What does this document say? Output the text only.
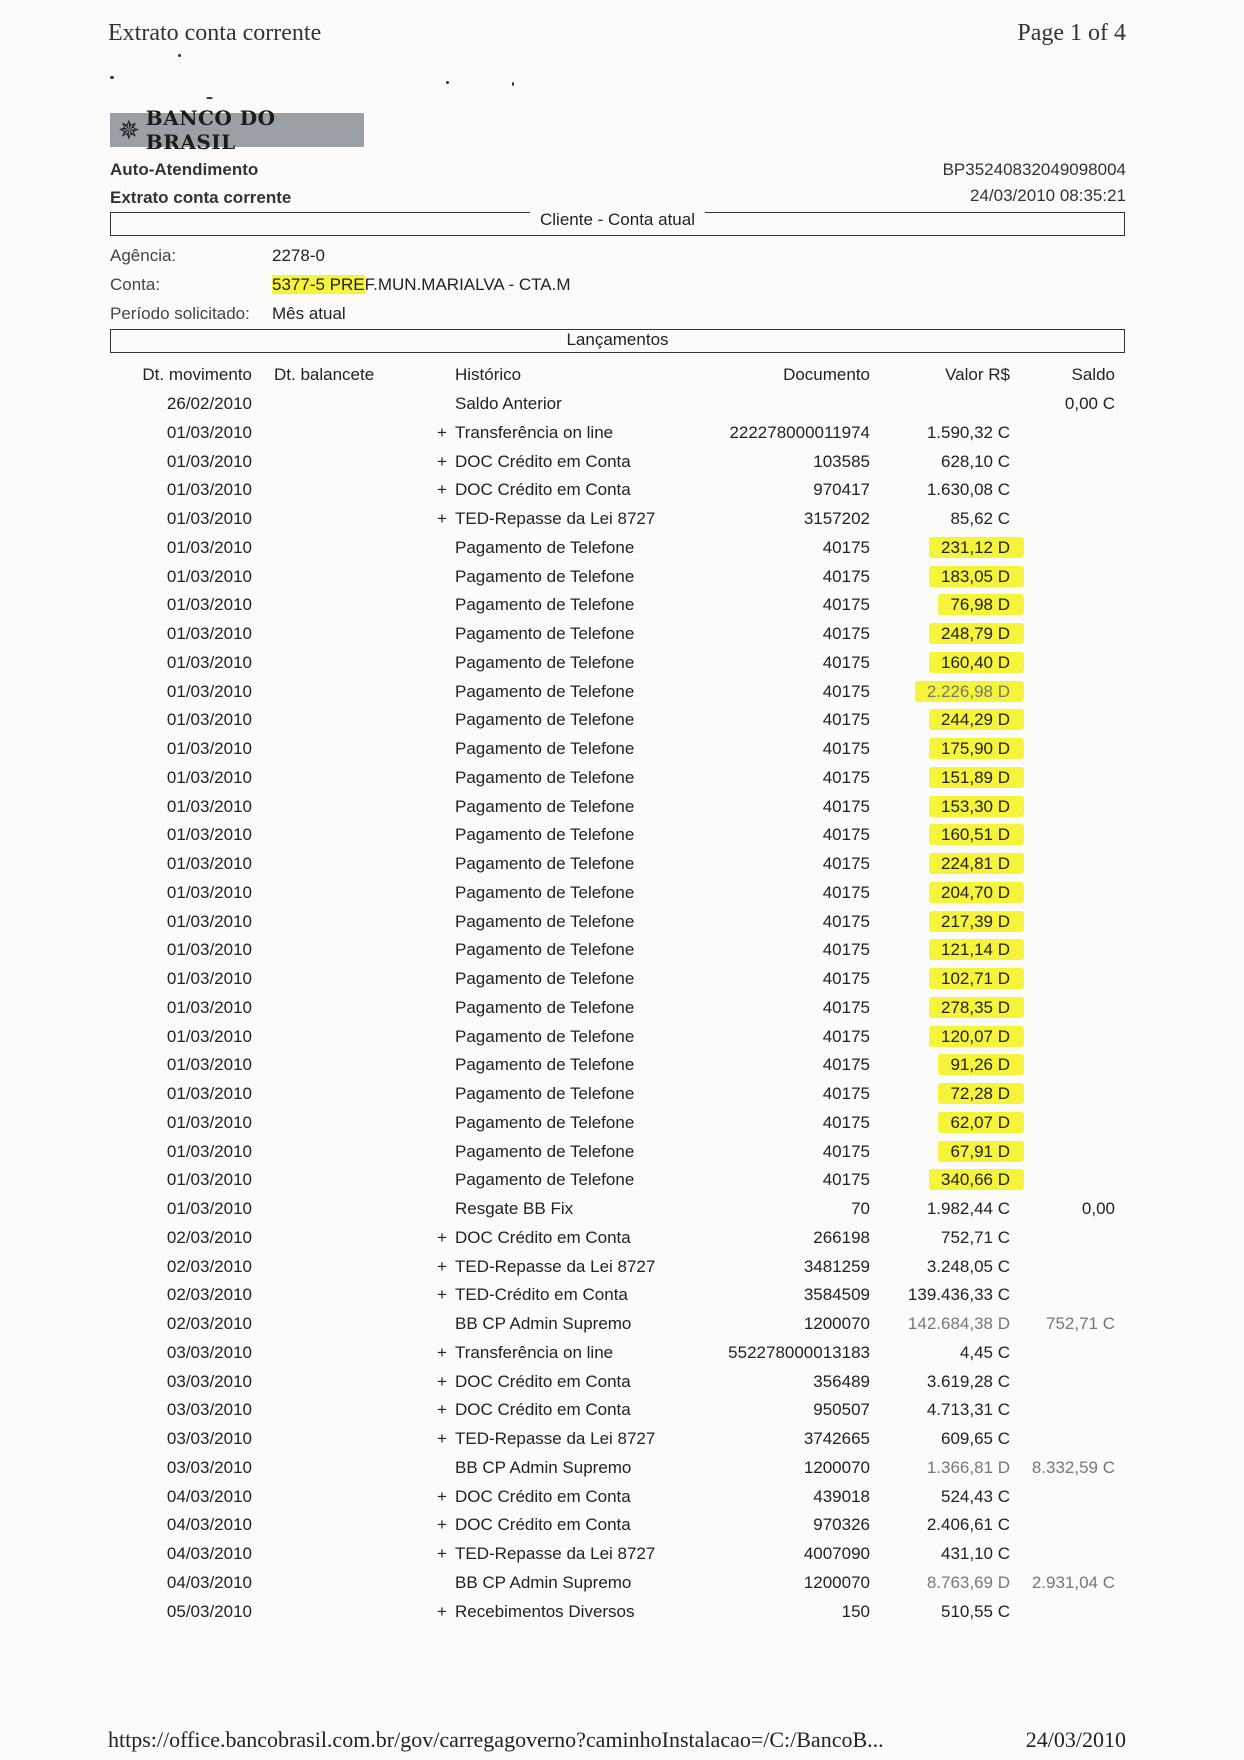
Extrato conta corrente	Page 1 of 4
✵ BANCO DO BRASIL
Auto-Atendimento
Extrato conta corrente
BP35240832049098004
24/03/2010 08:35:21
Cliente - Conta atual
Agência:	2278-0
Conta:	5377-5 PREF.MUN.MARIALVA - CTA.M
Período solicitado: Mês atual
Lançamentos
Dt. movimento	Dt. balancete		Histórico	Documento	Valor R$	Saldo
26/02/2010			Saldo Anterior			0,00 C
01/03/2010		+	Transferência on line	222278000011974	1.590,32 C	
01/03/2010		+	DOC Crédito em Conta	103585	628,10 C	
01/03/2010		+	DOC Crédito em Conta	970417	1.630,08 C	
01/03/2010		+	TED-Repasse da Lei 8727	3157202	85,62 C	
01/03/2010			Pagamento de Telefone	40175	231,12 D	
01/03/2010			Pagamento de Telefone	40175	183,05 D	
01/03/2010			Pagamento de Telefone	40175	76,98 D	
01/03/2010			Pagamento de Telefone	40175	248,79 D	
01/03/2010			Pagamento de Telefone	40175	160,40 D	
01/03/2010			Pagamento de Telefone	40175	2.226,98 D	
01/03/2010			Pagamento de Telefone	40175	244,29 D	
01/03/2010			Pagamento de Telefone	40175	175,90 D	
01/03/2010			Pagamento de Telefone	40175	151,89 D	
01/03/2010			Pagamento de Telefone	40175	153,30 D	
01/03/2010			Pagamento de Telefone	40175	160,51 D	
01/03/2010			Pagamento de Telefone	40175	224,81 D	
01/03/2010			Pagamento de Telefone	40175	204,70 D	
01/03/2010			Pagamento de Telefone	40175	217,39 D	
01/03/2010			Pagamento de Telefone	40175	121,14 D	
01/03/2010			Pagamento de Telefone	40175	102,71 D	
01/03/2010			Pagamento de Telefone	40175	278,35 D	
01/03/2010			Pagamento de Telefone	40175	120,07 D	
01/03/2010			Pagamento de Telefone	40175	91,26 D	
01/03/2010			Pagamento de Telefone	40175	72,28 D	
01/03/2010			Pagamento de Telefone	40175	62,07 D	
01/03/2010			Pagamento de Telefone	40175	67,91 D	
01/03/2010			Pagamento de Telefone	40175	340,66 D	
01/03/2010			Resgate BB Fix	70	1.982,44 C	0,00
02/03/2010		+	DOC Crédito em Conta	266198	752,71 C	
02/03/2010		+	TED-Repasse da Lei 8727	3481259	3.248,05 C	
02/03/2010		+	TED-Crédito em Conta	3584509	139.436,33 C	
02/03/2010			BB CP Admin Supremo	1200070	142.684,38 D	752,71 C
03/03/2010		+	Transferência on line	552278000013183	4,45 C	
03/03/2010		+	DOC Crédito em Conta	356489	3.619,28 C	
03/03/2010		+	DOC Crédito em Conta	950507	4.713,31 C	
03/03/2010		+	TED-Repasse da Lei 8727	3742665	609,65 C	
03/03/2010			BB CP Admin Supremo	1200070	1.366,81 D	8.332,59 C
04/03/2010		+	DOC Crédito em Conta	439018	524,43 C	
04/03/2010		+	DOC Crédito em Conta	970326	2.406,61 C	
04/03/2010		+	TED-Repasse da Lei 8727	4007090	431,10 C	
04/03/2010			BB CP Admin Supremo	1200070	8.763,69 D	2.931,04 C
05/03/2010		+	Recebimentos Diversos	150	510,55 C	
https://office.bancobrasil.com.br/gov/carregagoverno?caminhoInstalacao=/C:/BancoB...	24/03/2010
